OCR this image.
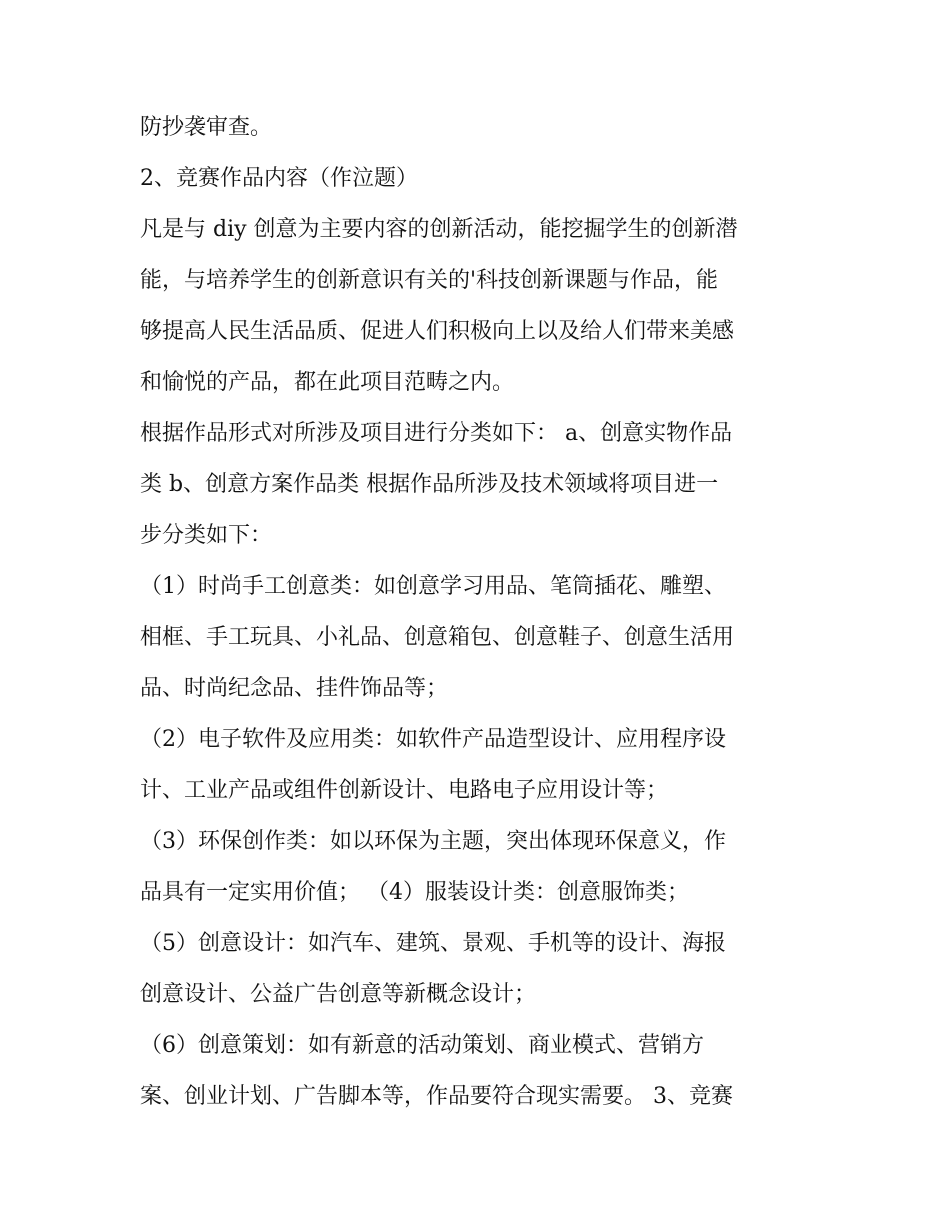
防抄袭审查。
2、竞赛作品内容（作泣题）
凡是与 diy 创意为主要内容的创新活动，能挖掘学生的创新潜
能，与培养学生的创新意识有关的'科技创新课题与作品，能
够提高人民生活品质、促进人们积极向上以及给人们带来美感
和愉悦的产品，都在此项目范畴之内。
根据作品形式对所涉及项目进行分类如下： a、创意实物作品
类 b、创意方案作品类 根据作品所涉及技术领域将项目进一
步分类如下：
（1）时尚手工创意类：如创意学习用品、笔筒插花、雕塑、
相框、手工玩具、小礼品、创意箱包、创意鞋子、创意生活用
品、时尚纪念品、挂件饰品等；
（2）电子软件及应用类：如软件产品造型设计、应用程序设
计、工业产品或组件创新设计、电路电子应用设计等；
（3）环保创作类：如以环保为主题，突出体现环保意义，作
品具有一定实用价值； （4）服装设计类：创意服饰类；
（5）创意设计：如汽车、建筑、景观、手机等的设计、海报
创意设计、公益广告创意等新概念设计；
（6）创意策划：如有新意的活动策划、商业模式、营销方
案、创业计划、广告脚本等，作品要符合现实需要。 3、竞赛
